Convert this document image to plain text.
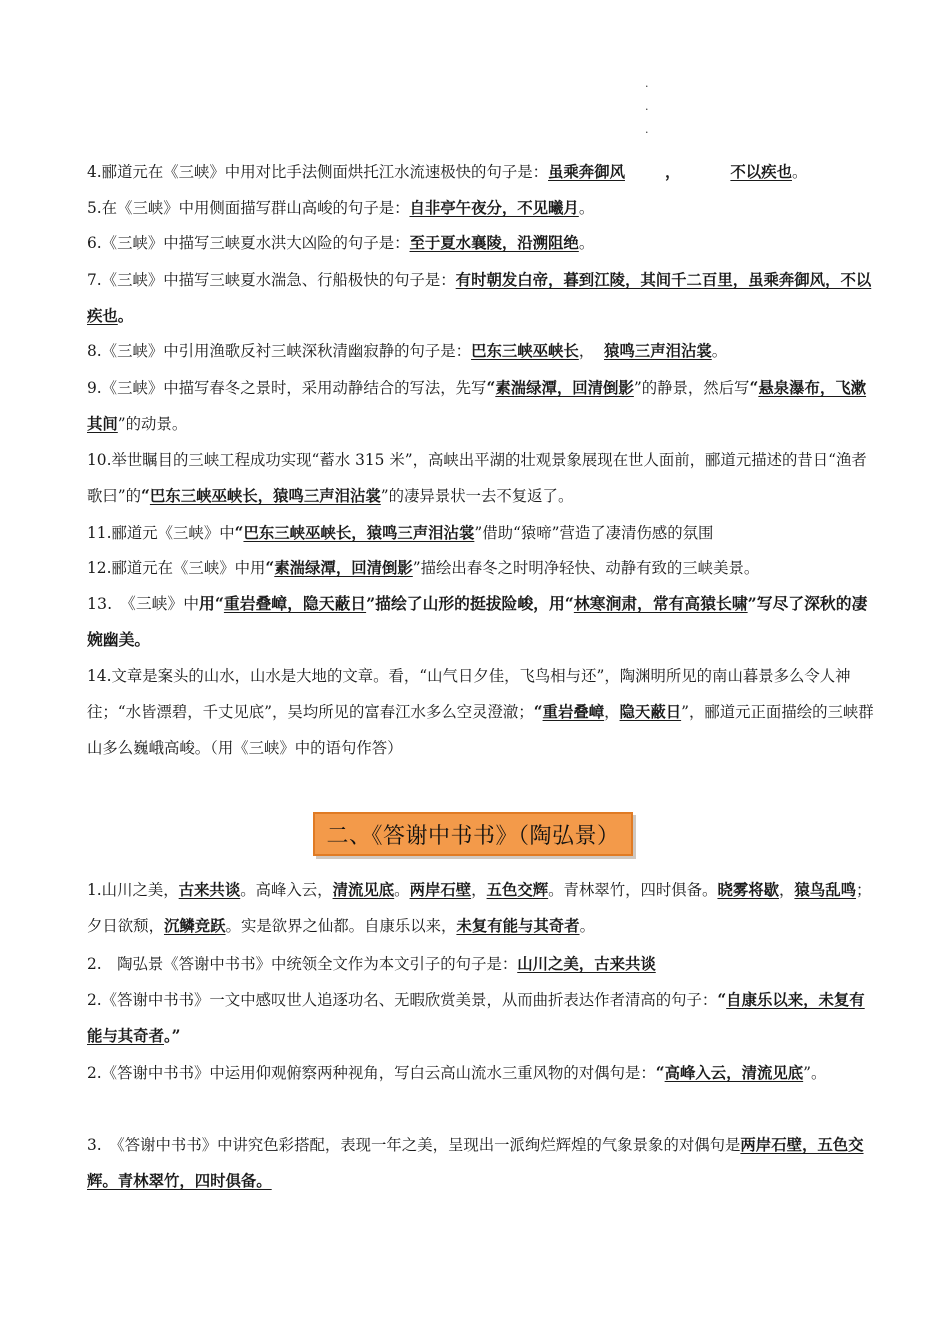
.
.
.

4.郦道元在《三峡》中用对比手法侧面烘托江水流速极快的句子是：虽乘奔御风	，	不以疾也。

5.在《三峡》中用侧面描写群山高峻的句子是：自非亭午夜分，不见曦月。

6.《三峡》中描写三峡夏水洪大凶险的句子是：至于夏水襄陵，沿溯阻绝。

7.《三峡》中描写三峡夏水湍急、行船极快的句子是：有时朝发白帝，暮到江陵，其间千二百里，虽乘奔御风，不以疾也。

8.《三峡》中引用渔歌反衬三峡深秋清幽寂静的句子是：巴东三峡巫峡长， 猿鸣三声泪沾裳。

9.《三峡》中描写春冬之景时，采用动静结合的写法，先写“素湍绿潭，回清倒影”的静景，然后写“悬泉瀑布，飞漱其间”的动景。

10.举世瞩目的三峡工程成功实现“蓄水 315 米”，高峡出平湖的壮观景象展现在世人面前，郦道元描述的昔日“渔者歌曰”的“巴东三峡巫峡长，猿鸣三声泪沾裳”的凄异景状一去不复返了。

11.郦道元《三峡》中“巴东三峡巫峡长，猿鸣三声泪沾裳”借助“猿啼”营造了凄清伤感的氛围

12.郦道元在《三峡》中用“素湍绿潭，回清倒影”描绘出春冬之时明净轻快、动静有致的三峡美景。

13.　《三峡》中用“重岩叠嶂，隐天蔽日”描绘了山形的挺拔险峻，用“林寒涧肃，常有高猿长啸”写尽了深秋的凄婉幽美。

14.文章是案头的山水，山水是大地的文章。看，“山气日夕佳，飞鸟相与还”，陶渊明所见的南山暮景多么令人神往；“水皆漂碧，千丈见底”，吴均所见的富春江水多么空灵澄澈；“重岩叠嶂，隐天蔽日”，郦道元正面描绘的三峡群山多么巍峨高峻。（用《三峡》中的语句作答）

二、《答谢中书书》（陶弘景）

1.山川之美，古来共谈。高峰入云，清流见底。两岸石壁，五色交辉。青林翠竹，四时俱备。晓雾将歇，猿鸟乱鸣；夕日欲颓，沉鳞竞跃。实是欲界之仙都。自康乐以来，未复有能与其奇者。

2.　陶弘景《答谢中书书》中统领全文作为本文引子的句子是：山川之美，古来共谈

2.《答谢中书书》一文中感叹世人追逐功名、无暇欣赏美景，从而曲折表达作者清高的句子：“自康乐以来，未复有能与其奇者。”

2.《答谢中书书》中运用仰观俯察两种视角，写白云高山流水三重风物的对偶句是：“高峰入云，清流见底”。

3.　《答谢中书书》中讲究色彩搭配，表现一年之美，呈现出一派绚烂辉煌的气象景象的对偶句是两岸石壁，五色交辉。青林翠竹，四时俱备。
